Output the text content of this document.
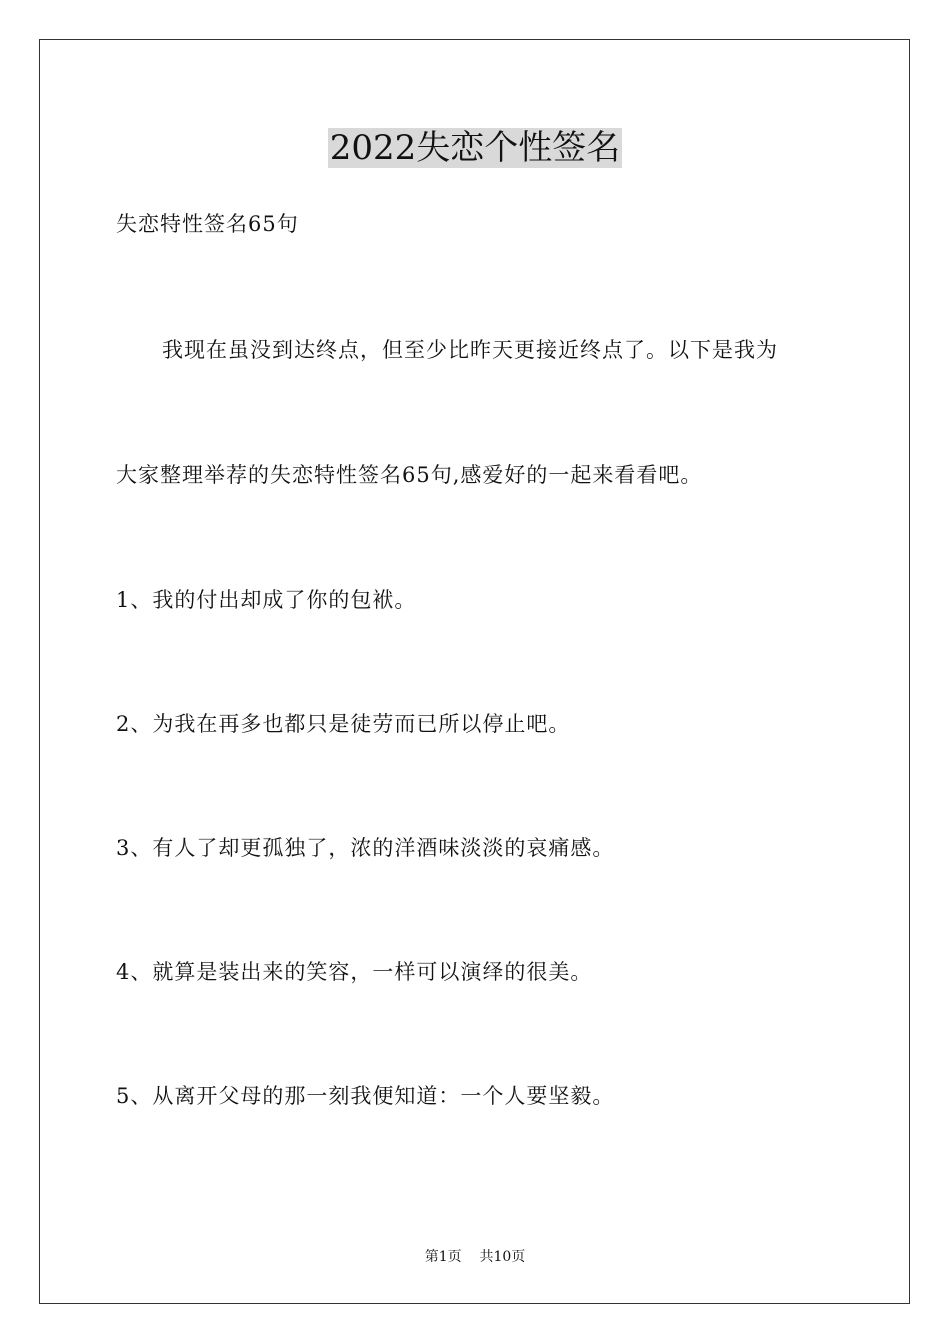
2022失恋个性签名

失恋特性签名65句

我现在虽没到达终点，但至少比昨天更接近终点了。以下是我为

大家整理举荐的失恋特性签名65句,感爱好的一起来看看吧。

1、我的付出却成了你的包袱。

2、为我在再多也都只是徒劳而已所以停止吧。

3、有人了却更孤独了，浓的洋酒味淡淡的哀痛感。

4、就算是装出来的笑容，一样可以演绎的很美。

5、从离开父母的那一刻我便知道：一个人要坚毅。

第1页    共10页
